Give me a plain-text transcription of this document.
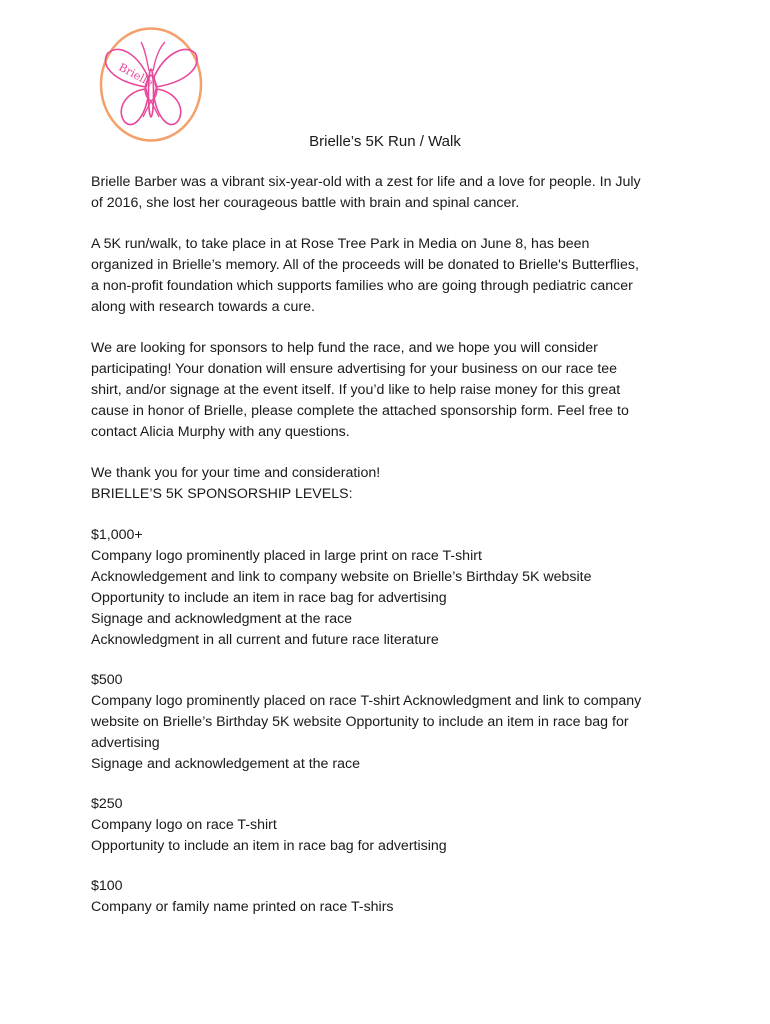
Brielle
Brielle’s 5K Run / Walk

Brielle Barber was a vibrant six-year-old with a zest for life and a love for people. In July
of 2016, she lost her courageous battle with brain and spinal cancer.

A 5K run/walk, to take place in at Rose Tree Park in Media on June 8, has been
organized in Brielle’s memory. All of the proceeds will be donated to Brielle's Butterflies,
a non-profit foundation which supports families who are going through pediatric cancer
along with research towards a cure.

We are looking for sponsors to help fund the race, and we hope you will consider
participating! Your donation will ensure advertising for your business on our race tee
shirt, and/or signage at the event itself. If you’d like to help raise money for this great
cause in honor of Brielle, please complete the attached sponsorship form. Feel free to
contact Alicia Murphy with any questions.

We thank you for your time and consideration!
BRIELLE’S 5K SPONSORSHIP LEVELS:

$1,000+
Company logo prominently placed in large print on race T-shirt
Acknowledgement and link to company website on Brielle’s Birthday 5K website
Opportunity to include an item in race bag for advertising
Signage and acknowledgment at the race
Acknowledgment in all current and future race literature
$500
Company logo prominently placed on race T-shirt Acknowledgment and link to company
website on Brielle’s Birthday 5K website Opportunity to include an item in race bag for
advertising
Signage and acknowledgement at the race
$250
Company logo on race T-shirt
Opportunity to include an item in race bag for advertising
$100
Company or family name printed on race T-shirs
